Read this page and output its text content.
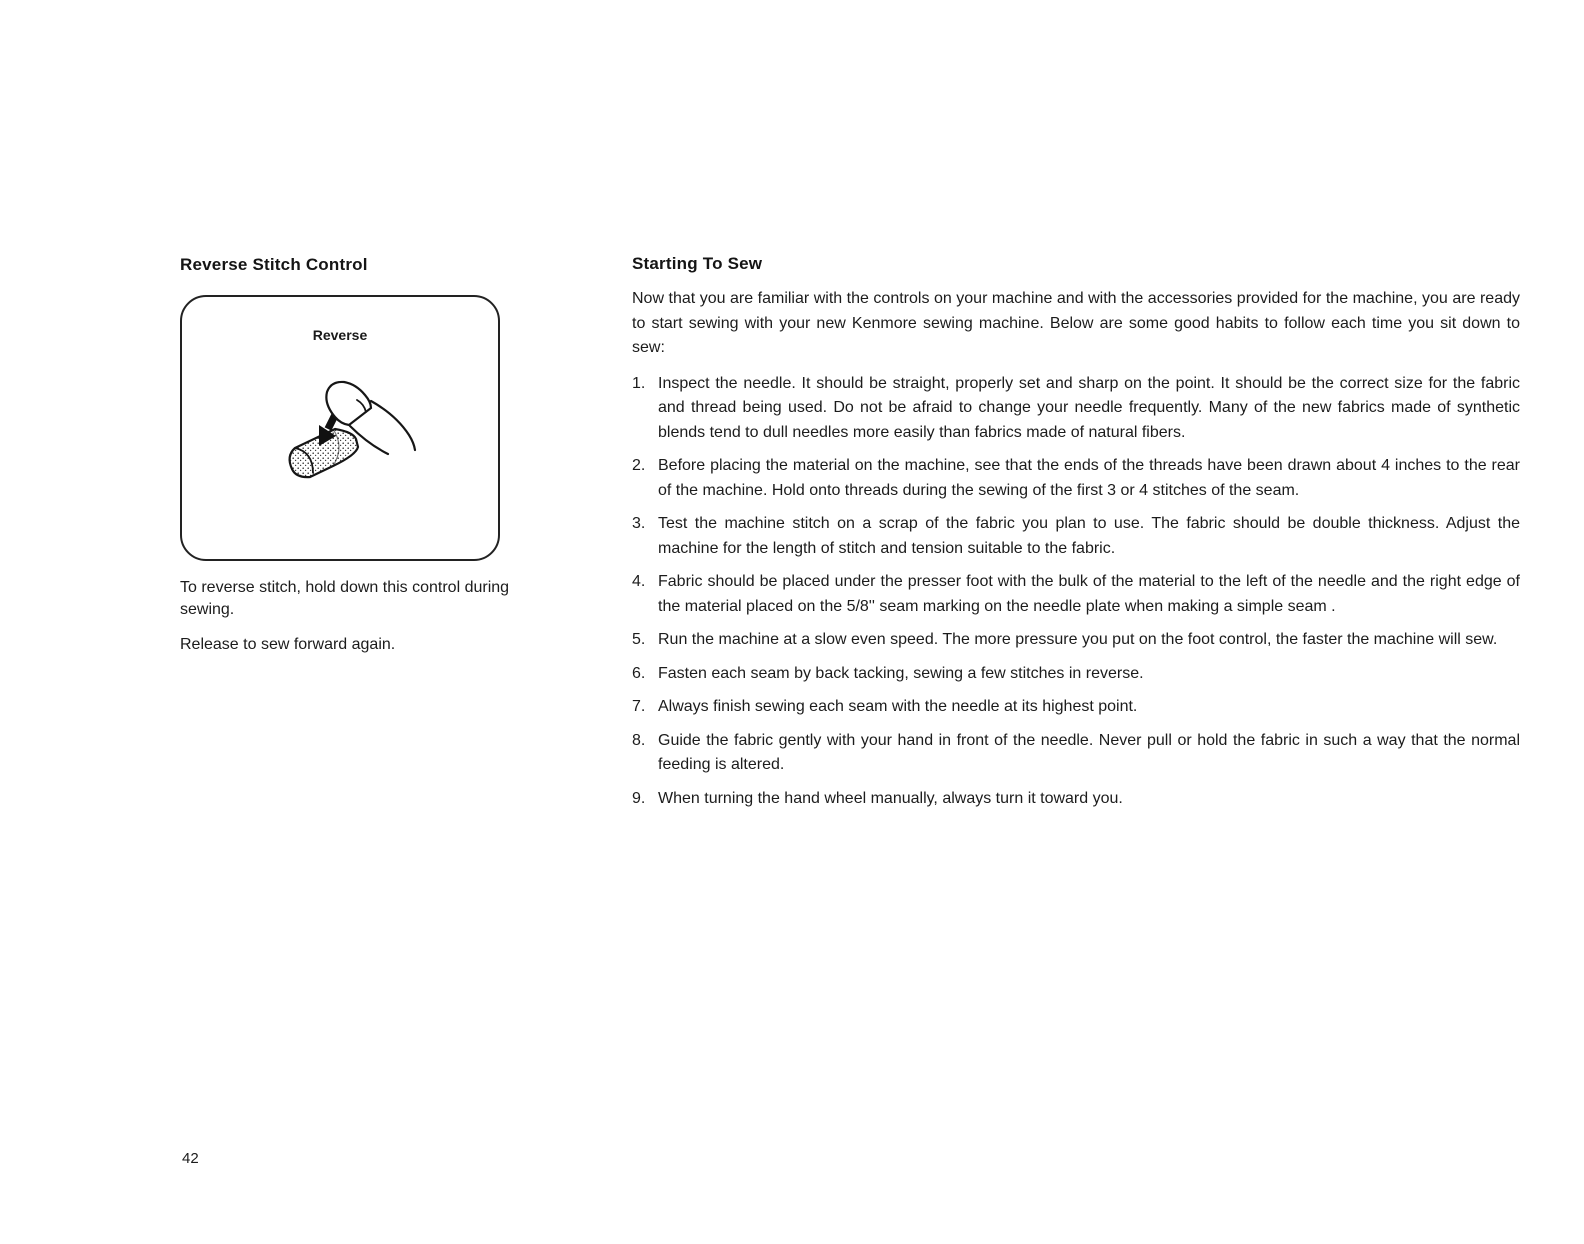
Reverse Stitch Control
Reverse

To reverse stitch, hold down this control during sewing.

Release to sew forward again.

Starting To Sew

Now that you are familiar with the controls on your machine and with the accessories provided for the machine, you are ready to start sewing with your new Kenmore sewing machine. Below are some good habits to follow each time you sit down to sew:

Inspect the needle. It should be straight, properly set and sharp on the point. It should be the correct size for the fabric and thread being used. Do not be afraid to change your needle frequently. Many of the new fabrics made of synthetic blends tend to dull needles more easily than fabrics made of natural fibers.
Before placing the material on the machine, see that the ends of the threads have been drawn about 4 inches to the rear of the machine. Hold onto threads during the sewing of the first 3 or 4 stitches of the seam.
Test the machine stitch on a scrap of the fabric you plan to use. The fabric should be double thickness. Adjust the machine for the length of stitch and tension suitable to the fabric.
Fabric should be placed under the presser foot with the bulk of the material to the left of the needle and the right edge of the material placed on the 5/8'' seam marking on the needle plate when making a simple seam .
Run the machine at a slow even speed. The more pressure you put on the foot control, the faster the machine will sew.
Fasten each seam by back tacking, sewing a few stitches in reverse.
Always finish sewing each seam with the needle at its highest point.
Guide the fabric gently with your hand in front of the needle. Never pull or hold the fabric in such a way that the normal feeding is altered.
When turning the hand wheel manually, always turn it toward you.
42
